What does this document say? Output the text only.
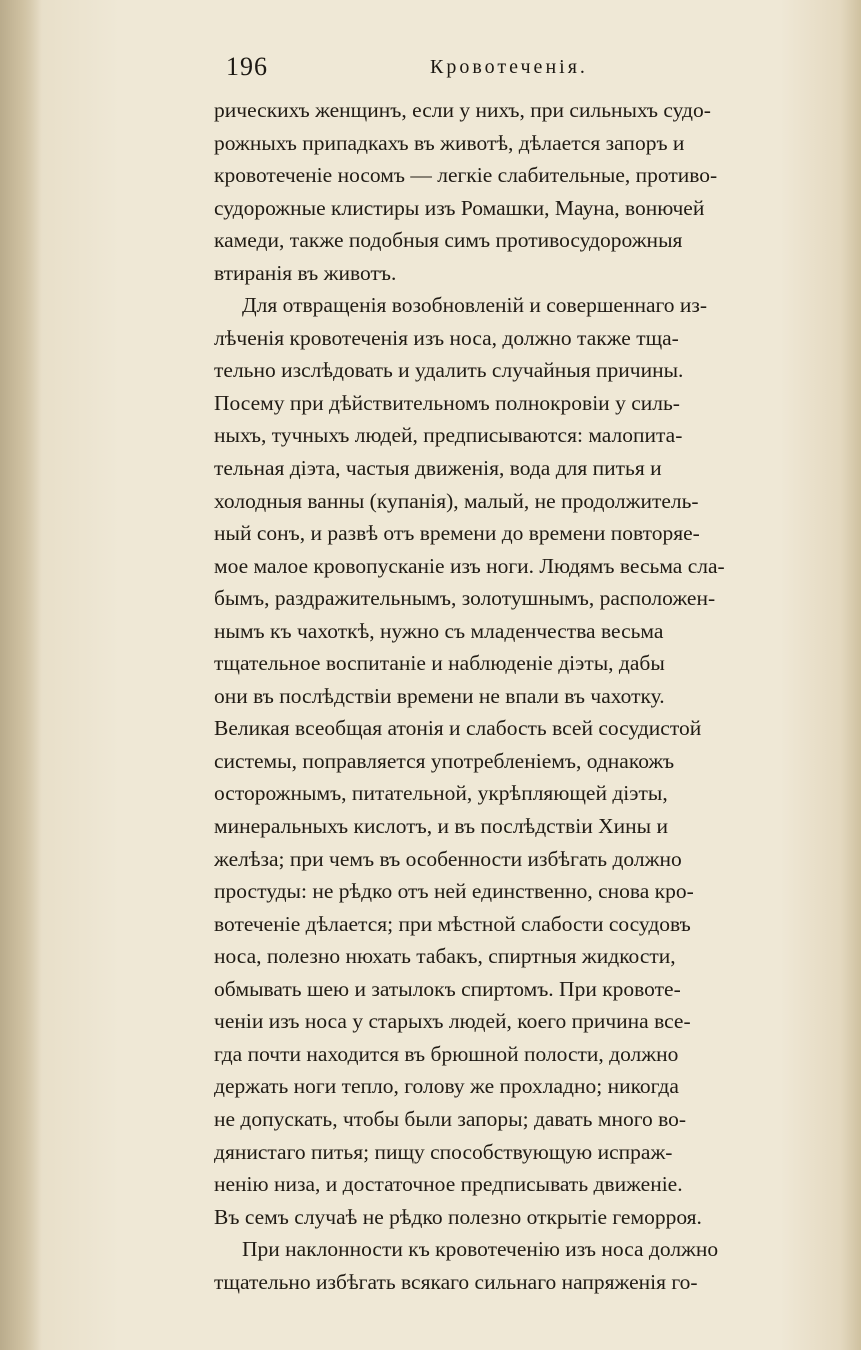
196	Кровотеченія.
рическихъ женщинъ, если у нихъ, при сильныхъ судо-
рожныхъ припадкахъ въ животѣ, дѣлается запоръ и
кровотеченіе носомъ — легкіе слабительные, противо-
судорожные клистиры изъ Ромашки, Мауна, вонючей
камеди, также подобныя симъ противосудорожныя
втиранія въ животъ.
Для отвращенія возобновленій и совершеннаго из-
лѣченія кровотеченія изъ носа, должно также тща-
тельно изслѣдовать и удалить случайныя причины.
Посему при дѣйствительномъ полнокровіи у силь-
ныхъ, тучныхъ людей, предписываются: малопита-
тельная діэта, частыя движенія, вода для питья и
холодныя ванны (купанія), малый, не продолжитель-
ный сонъ, и развѣ отъ времени до времени повторяе-
мое малое кровопусканіе изъ ноги. Людямъ весьма сла-
бымъ, раздражительнымъ, золотушнымъ, расположен-
нымъ къ чахоткѣ, нужно съ младенчества весьма
тщательное воспитаніе и наблюденіе діэты, дабы
они въ послѣдствіи времени не впали въ чахотку.
Великая всеобщая атонія и слабость всей сосудистой
системы, поправляется употребленіемъ, однакожъ
осторожнымъ, питательной, укрѣпляющей діэты,
минеральныхъ кислотъ, и въ послѣдствіи Хины и
желѣза; при чемъ въ особенности избѣгать должно
простуды: не рѣдко отъ ней единственно, снова кро-
вотеченіе дѣлается; при мѣстной слабости сосудовъ
носа, полезно нюхать табакъ, спиртныя жидкости,
обмывать шею и затылокъ спиртомъ. При кровоте-
ченіи изъ носа у старыхъ людей, коего причина все-
гда почти находится въ брюшной полости, должно
держать ноги тепло, голову же прохладно; никогда
не допускать, чтобы были запоры; давать много во-
дянистаго питья; пищу способствующую испраж-
ненію низа, и достаточное предписывать движеніе.
Въ семъ случаѣ не рѣдко полезно открытіе геморроя.
При наклонности къ кровотеченію изъ носа должно
тщательно избѣгать всякаго сильнаго напряженія го-
